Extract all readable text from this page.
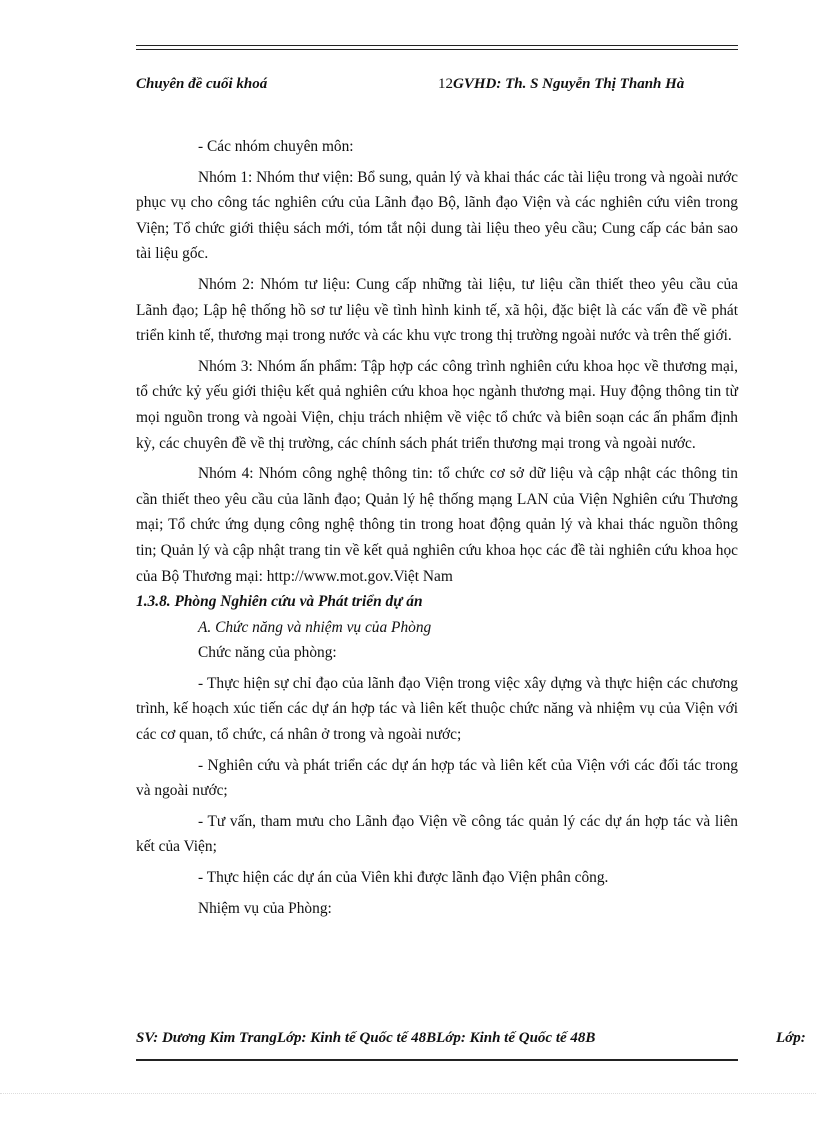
Chuyên đề cuối khoá	12GVHD: Th. S Nguyễn Thị Thanh Hà

- Các nhóm chuyên môn:

Nhóm 1: Nhóm thư viện: Bổ sung, quản lý và khai thác các tài liệu trong và ngoài nước phục vụ cho công tác nghiên cứu của Lãnh đạo Bộ, lãnh đạo Viện và các nghiên cứu viên trong Viện; Tổ chức giới thiệu sách mới, tóm tắt nội dung tài liệu theo yêu cầu; Cung cấp các bản sao tài liệu gốc.

Nhóm 2: Nhóm tư liệu: Cung cấp những tài liệu, tư liệu cần thiết theo yêu cầu của Lãnh đạo; Lập hệ thống hồ sơ tư liệu về tình hình kinh tế, xã hội, đặc biệt là các vấn đề về phát triển kinh tế, thương mại trong nước và các khu vực trong thị trường ngoài nước và trên thế giới.

Nhóm 3: Nhóm ấn phẩm: Tập hợp các công trình nghiên cứu khoa học về thương mại, tổ chức kỷ yếu giới thiệu kết quả nghiên cứu khoa học ngành thương mại. Huy động thông tin từ mọi nguồn trong và ngoài Viện, chịu trách nhiệm về việc tổ chức và biên soạn các ấn phẩm định kỳ, các chuyên đề về thị trường, các chính sách phát triển thương mại trong và ngoài nước.

Nhóm 4: Nhóm công nghệ thông tin: tổ chức cơ sở dữ liệu và cập nhật các thông tin cần thiết theo yêu cầu của lãnh đạo; Quản lý hệ thống mạng LAN của Viện Nghiên cứu Thương mại; Tổ chức ứng dụng công nghệ thông tin trong hoat động quản lý và khai thác nguồn thông tin; Quản lý và cập nhật trang tin về kết quả nghiên cứu khoa học các đề tài nghiên cứu khoa học của Bộ Thương mại: http://www.mot.gov.Việt Nam

1.3.8. Phòng Nghiên cứu và Phát triển dự án

A. Chức năng và nhiệm vụ của Phòng

Chức năng của phòng:

- Thực hiện sự chỉ đạo của lãnh đạo Viện trong việc xây dựng và thực hiện các chương trình, kế hoạch xúc tiến các dự án hợp tác và liên kết thuộc chức năng và nhiệm vụ của Viện với các cơ quan, tổ chức, cá nhân ở trong và ngoài nước;

- Nghiên cứu và phát triển các dự án hợp tác và liên kết của Viện với các đối tác trong và ngoài nước;

- Tư vấn, tham mưu cho Lãnh đạo Viện về công tác quản lý các dự án hợp tác và liên kết của Viện;

- Thực hiện các dự án của Viên khi được lãnh đạo Viện phân công.

Nhiệm vụ của Phòng:

SV: Dương Kim TrangLớp: Kinh tế Quốc tế 48BLớp: Kinh tế Quốc tế 48B	Lớp:
